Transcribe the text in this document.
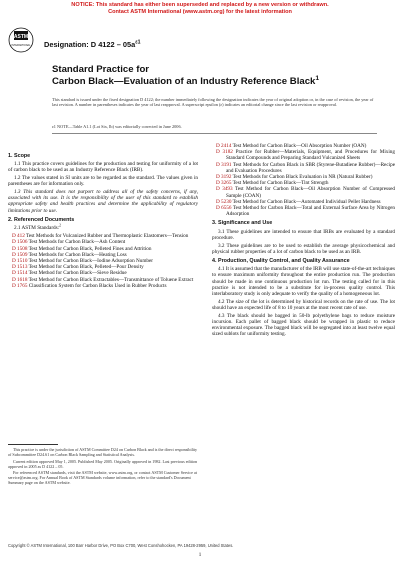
NOTICE: This standard has either been superseded and replaced by a new version or withdrawn.
Contact ASTM International (www.astm.org) for the latest information
ASTM
INTERNATIONAL Designation: D $4122 - 05a^{\varepsilon 1}$
Standard Practice for
Carbon Black—Evaluation of an Industry Reference Black$^1$
This standard is issued under the fixed designation D 4122; the number immediately following the designation indicates the year of original adoption or, in the case of revision, the year of last revision. A number in parentheses indicates the year of last reapproval. A superscript epsilon (ε) indicates an editorial change since the last revision or reapproval.
ε1 NOTE—Table A1.1 (Lot Six, Ib) was editorially corrected in June 2006.
1. Scope

1.1 This practice covers guidelines for the production and testing for uniformity of a lot of carbon black to be used as an Industry Reference Black (IRB).

1.2 The values stated in SI units are to be regarded as the standard. The values given in parentheses are for information only.

1.3 This standard does not purport to address all of the safety concerns, if any, associated with its use. It is the responsibility of the user of this standard to establish appropriate safety and health practices and determine the applicability of regulatory limitations prior to use.

2. Referenced Documents

2.1 ASTM Standards:$^2$

D 412 Test Methods for Vulcanized Rubber and Thermoplastic Elastomers—Tension

D 1506 Test Methods for Carbon Black—Ash Content

D 1508 Test Method for Carbon Black, Pelleted Fines and Attrition

D 1509 Test Methods for Carbon Black—Heating Loss

D 1510 Test Method for Carbon Black—Iodine Adsorption Number

D 1513 Test Method for Carbon Black, Pelleted—Pour Density

D 1514 Test Method for Carbon Black—Sieve Residue

D 1618 Test Method for Carbon Black Extractables—Transmittance of Toluene Extract

D 1765 Classification System for Carbon Blacks Used in Rubber Products

D 2414 Test Method for Carbon Black—Oil Absorption Number (OAN)

D 3182 Practice for Rubber—Materials, Equipment, and Procedures for Mixing Standard Compounds and Preparing Standard Vulcanized Sheets

D 3191 Test Methods for Carbon Black in SBR (Styrene-Butadiene Rubber)—Recipe and Evaluation Procedures

D 3192 Test Methods for Carbon Black Evaluation in NR (Natural Rubber)

D 3265 Test Method for Carbon Black—Tint Strength

D 3493 Test Method for Carbon Black—Oil Absorption Number of Compressed Sample (COAN)

D 5230 Test Method for Carbon Black—Automated Individual Pellet Hardness

D 6556 Test Method for Carbon Black—Total and External Surface Area by Nitrogen Adsorption

3. Significance and Use

3.1 These guidelines are intended to ensure that IRBs are evaluated by a standard procedure.

3.2 These guidelines are to be used to establish the average physicochemical and physical rubber properties of a lot of carbon black to be used as an IRB.

4. Production, Quality Control, and Quality Assurance

4.1 It is assumed that the manufacturer of the IRB will use state-of-the-art techniques to ensure maximum uniformity throughout the entire production run. The production should be made in one continuous production lot run. The testing called for in this practice is not intended to be a substitute for in-process quality control. This interlaboratory study is only adequate to verify the quality of a homogeneous lot.

4.2 The size of the lot is determined by historical records on the rate of use. The lot should have an expected life of 8 to 10 years at the most recent rate of use.

4.3 The black should be bagged in 50-lb polyethylene bags to reduce moisture incursion. Each pallet of bagged black should be wrapped in plastic to reduce environmental exposure. The bagged black will be segregated into at least twelve equal sized sublots for uniformity testing.

This practice is under the jurisdiction of ASTM Committee D24 on Carbon Black and is the direct responsibility of Subcommittee D24.61 on Carbon Black Sampling and Statistical Analysis.

Current edition approved May 1, 2005. Published May 2005. Originally approved in 1982. Last previous edition approved in 2005 as D 4122 – 05.

For referenced ASTM standards, visit the ASTM website, www.astm.org, or contact ASTM Customer Service at service@astm.org. For Annual Book of ASTM Standards volume information, refer to the standard's Document Summary page on the ASTM website.

Copyright © ASTM International, 100 Barr Harbor Drive, PO Box C700, West Conshohocken, PA 19428-2959, United States.
1
